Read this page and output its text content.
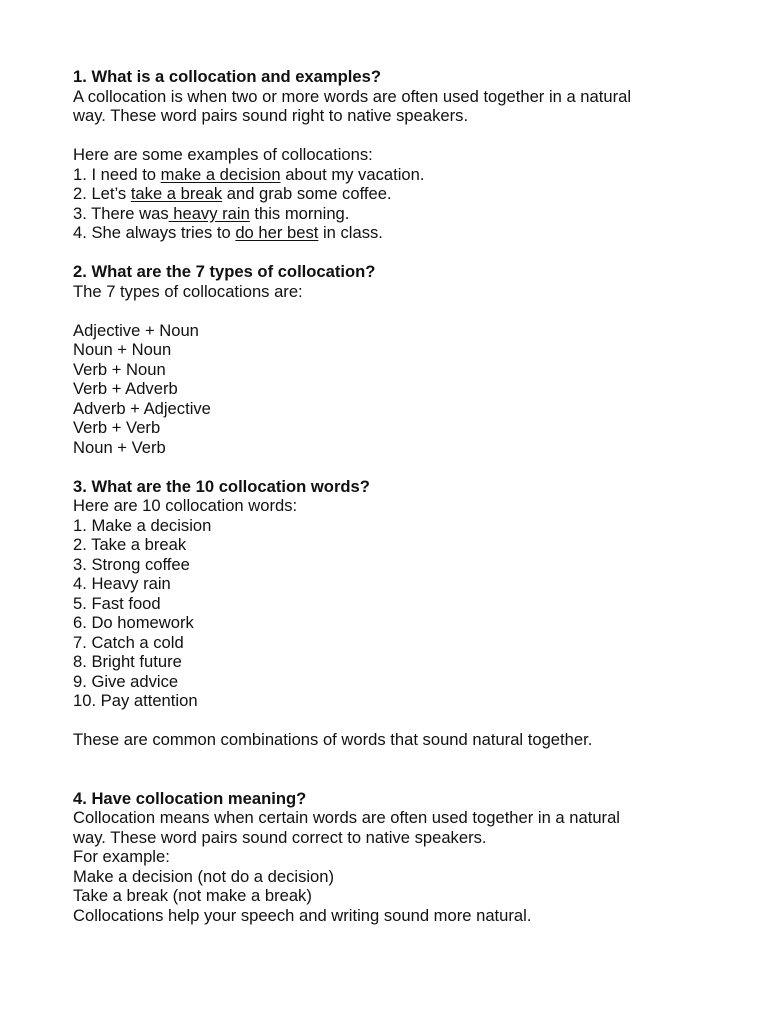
1. What is a collocation and examples?
A collocation is when two or more words are often used together in a natural
way. These word pairs sound right to native speakers.
Here are some examples of collocations:
1. I need to make a decision about my vacation.
2. Let’s take a break and grab some coffee.
3. There was heavy rain this morning.
4. She always tries to do her best in class.
2. What are the 7 types of collocation?
The 7 types of collocations are:
Adjective + Noun
Noun + Noun
Verb + Noun
Verb + Adverb
Adverb + Adjective
Verb + Verb
Noun + Verb
3. What are the 10 collocation words?
Here are 10 collocation words:
1. Make a decision
2. Take a break
3. Strong coffee
4. Heavy rain
5. Fast food
6. Do homework
7. Catch a cold
8. Bright future
9. Give advice
10. Pay attention
These are common combinations of words that sound natural together.
4. Have collocation meaning?
Collocation means when certain words are often used together in a natural
way. These word pairs sound correct to native speakers.
For example:
Make a decision (not do a decision)
Take a break (not make a break)
Collocations help your speech and writing sound more natural.
